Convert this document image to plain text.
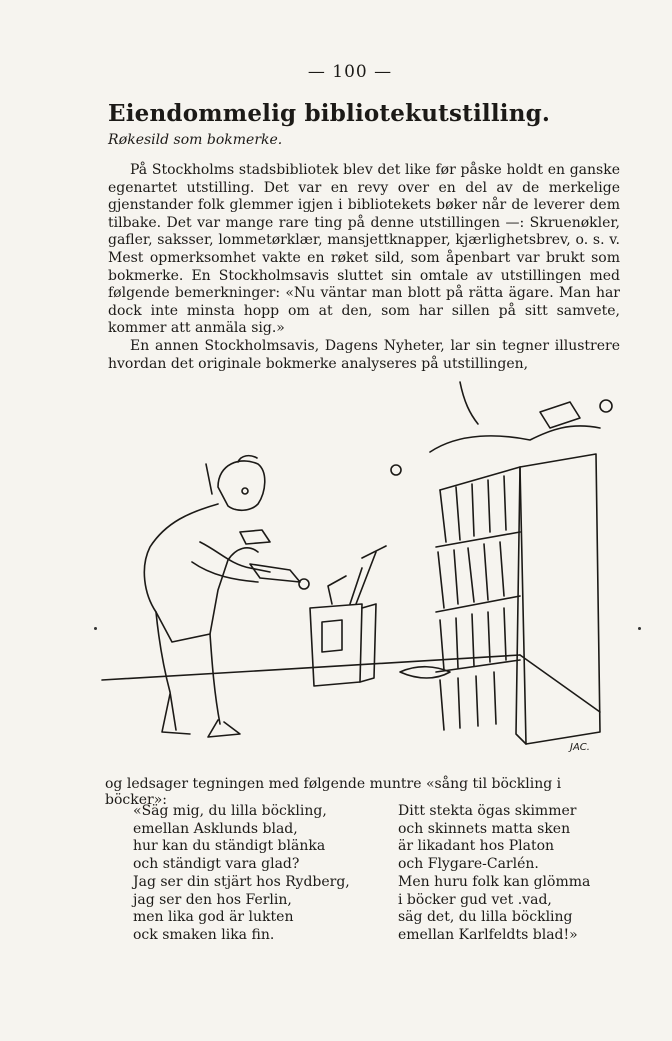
— 100 —
Eiendommelig bibliotekutstilling.
Røkesild som bokmerke.

På Stockholms stadsbibliotek blev det like før påske holdt en ganske egenartet utstilling. Det var en revy over en del av de merkelige gjenstander folk glemmer igjen i bibliotekets bøker når de leverer dem tilbake. Det var mange rare ting på denne utstillingen —: Skruenøkler, gafler, saksser, lommetørklær, mansjettknapper, kjærlighetsbrev, o. s. v. Mest opmerksomhet vakte en røket sild, som åpenbart var brukt som bokmerke. En Stockholmsavis sluttet sin omtale av utstillingen med følgende bemerkninger: «Nu väntar man blott på rätta ägare. Man har dock inte minsta hopp om at den, som har sillen på sitt samvete, kommer att anmäla sig.»

En annen Stockholmsavis, Dagens Nyheter, lar sin tegner illustrere hvordan det originale bokmerke analyseres på utstillingen,

JAC.
og ledsager tegningen med følgende muntre «sång til böckling i böcker»:
«Säg mig, du lilla böckling,
emellan Asklunds blad,
hur kan du ständigt blänka
och ständigt vara glad?
Jag ser din stjärt hos Rydberg,
jag ser den hos Ferlin,
men lika god är lukten
ock smaken lika fin.
Ditt stekta ögas skimmer
och skinnets matta sken
är likadant hos Platon
och Flygare-Carlén.
Men huru folk kan glömma
i böcker gud vet .vad,
säg det, du lilla böckling
emellan Karlfeldts blad!»
